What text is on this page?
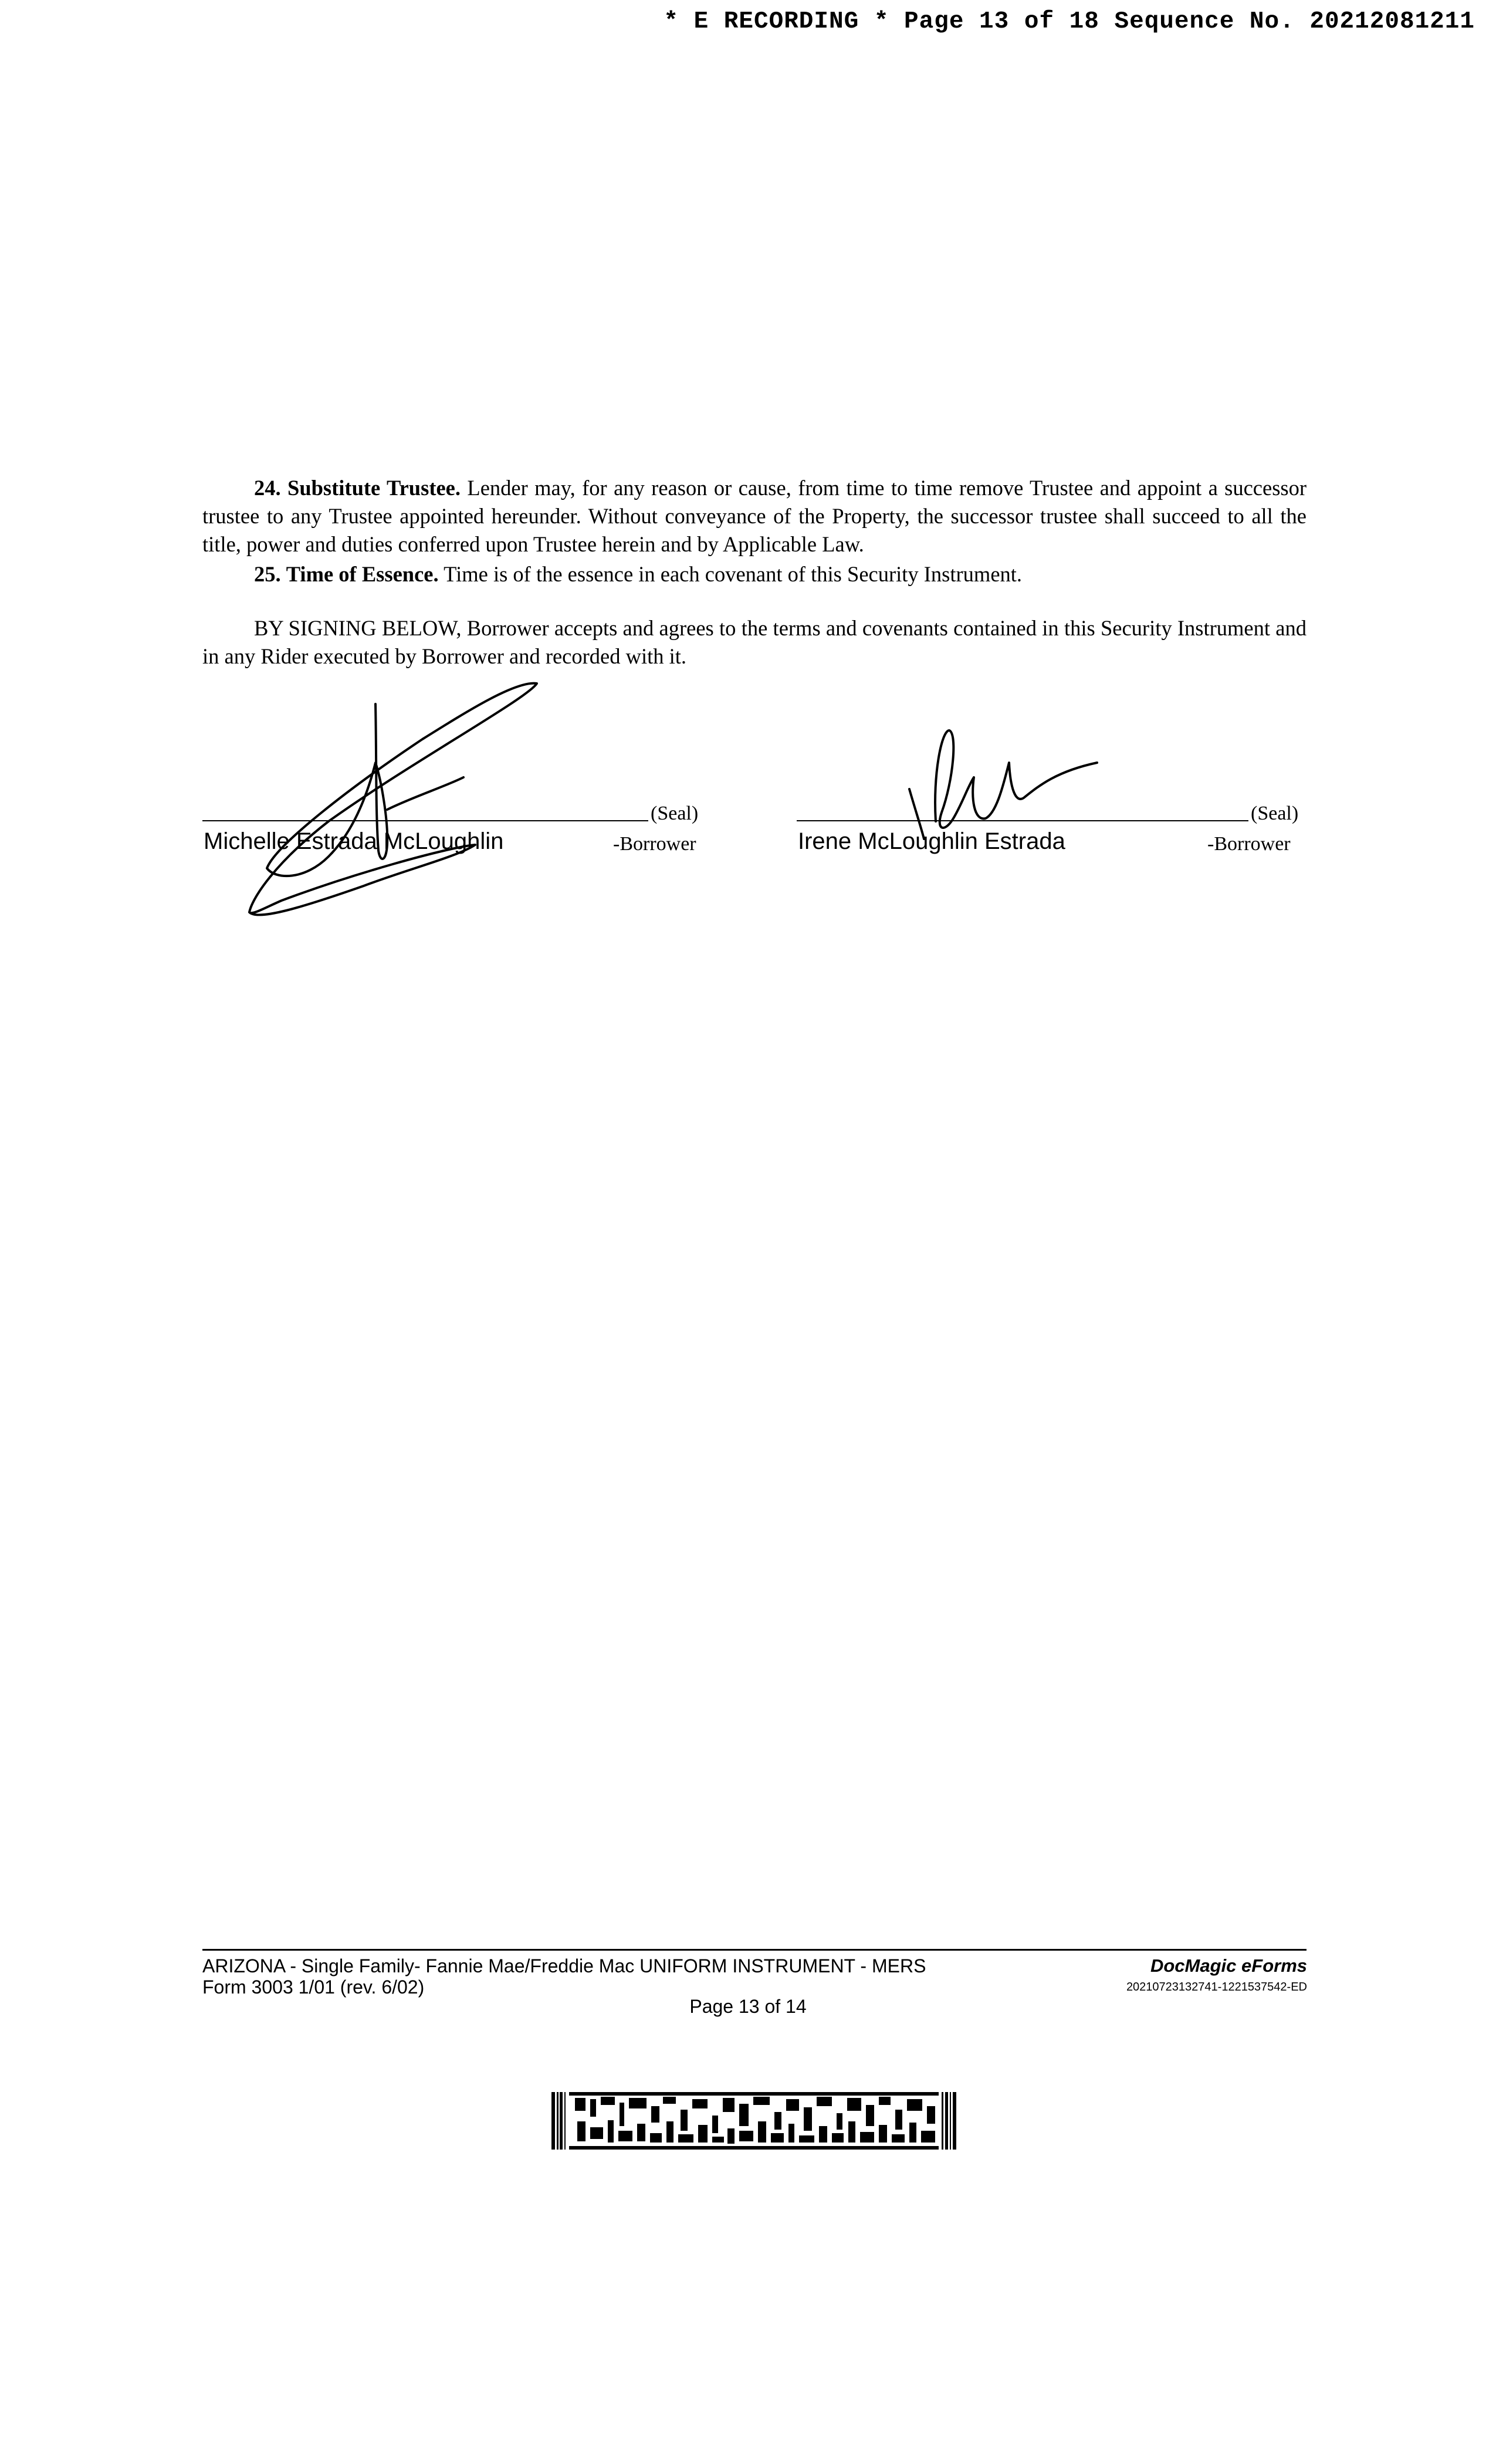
* E RECORDING * Page 13 of 18 Sequence No. 20212081211

24. Substitute Trustee. Lender may, for any reason or cause, from time to time remove Trustee and appoint a successor trustee to any Trustee appointed hereunder. Without conveyance of the Property, the successor trustee shall succeed to all the title, power and duties conferred upon Trustee herein and by Applicable Law.

25. Time of Essence. Time is of the essence in each covenant of this Security Instrument.

BY SIGNING BELOW, Borrower accepts and agrees to the terms and covenants contained in this Security Instrument and in any Rider executed by Borrower and recorded with it.

(Seal)
Michelle Estrada McLoughlin	-Borrower
(Seal)
Irene McLoughlin Estrada	-Borrower
ARIZONA - Single Family- Fannie Mae/Freddie Mac UNIFORM INSTRUMENT - MERS
Form 3003 1/01 (rev. 6/02)
DocMagic eForms
20210723132741-1221537542-ED
Page 13 of 14
